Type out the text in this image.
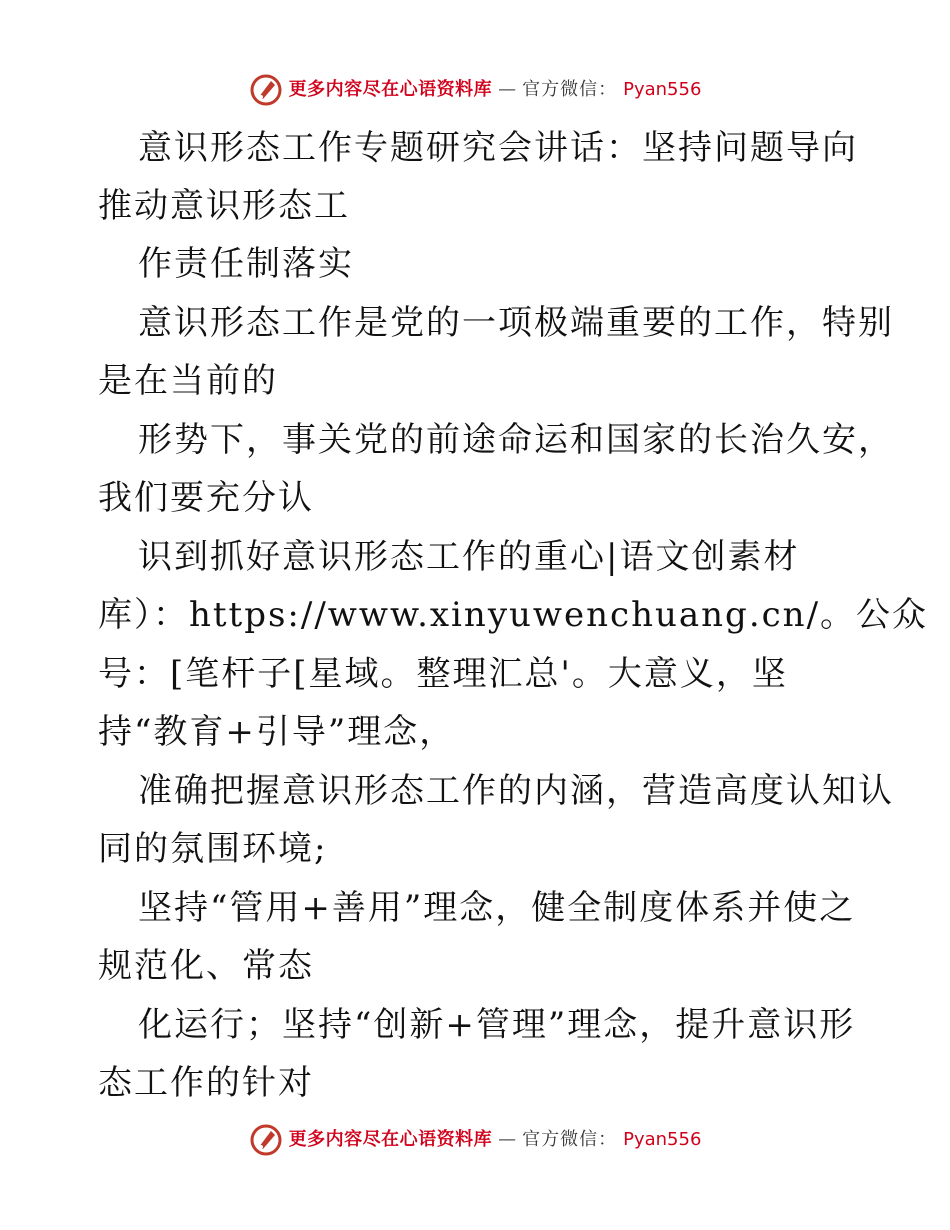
更多内容尽在心语资料库 — 官方微信： Pyan556
意识形态工作专题研究会讲话：坚持问题导向
推动意识形态工
作责任制落实
意识形态工作是党的一项极端重要的工作，特别
是在当前的
形势下，事关党的前途命运和国家的长治久安，
我们要充分认
识到抓好意识形态工作的重心|语文创素材
库）：https://www.xinyuwenchuang.cn/。公众
号：[笔杆子[星域。整理汇总'。大意义，坚
持“教育+引导”理念，
准确把握意识形态工作的内涵，营造高度认知认
同的氛围环境;
坚持“管用+善用”理念，健全制度体系并使之
规范化、常态
化运行；坚持“创新+管理”理念，提升意识形
态工作的针对
更多内容尽在心语资料库 — 官方微信： Pyan556
